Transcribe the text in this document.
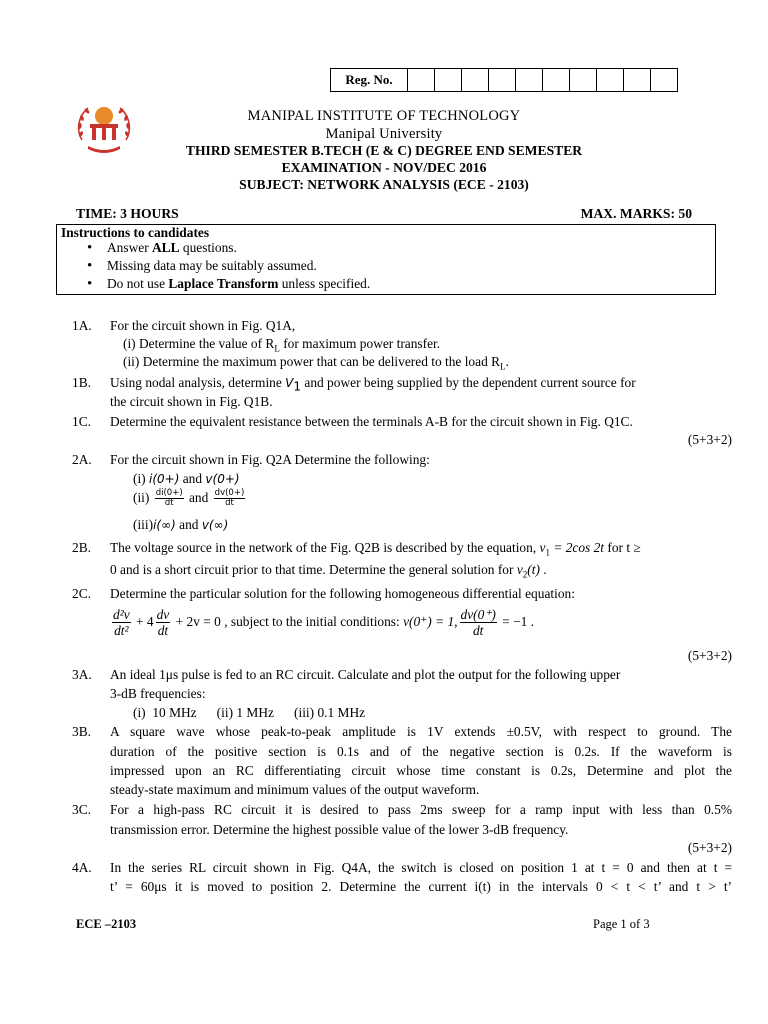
Reg. No.
MANIPAL INSTITUTE OF TECHNOLOGY
Manipal University
THIRD SEMESTER B.TECH (E & C) DEGREE END SEMESTER
EXAMINATION - NOV/DEC 2016
SUBJECT: NETWORK ANALYSIS (ECE - 2103)
TIME: 3 HOURS	MAX. MARKS: 50
Instructions to candidates
• Answer ALL questions.
• Missing data may be suitably assumed.
• Do not use Laplace Transform unless specified.
1A. For the circuit shown in Fig. Q1A,
(i) Determine the value of $R_L$ for maximum power transfer.
(ii) Determine the maximum power that can be delivered to the load $R_L$.
1B. Using nodal analysis, determine $V_1$ and power being supplied by the dependent current source for
the circuit shown in Fig. Q1B.
1C. Determine the equivalent resistance between the terminals A-B for the circuit shown in Fig. Q1C.
(5+3+2)
2A. For the circuit shown in Fig. Q2A Determine the following:
(i) i(0+) and v(0+)
$(ii) \frac{di(0+)}{dt}$ and $\frac{dv(0+)}{dt}$
(iii)i(∞) and v(∞)
2B. The voltage source in the network of the Fig. Q2B is described by the equation, $v_1 = 2\cos$ 2t for t ≥
0 and is a short circuit prior to that time. Determine the general solution for $v_2(t)$ .
2C. Determine the particular solution for the following homogeneous differential equation:
$\frac{\text{d²v}}{\text{dt²}} + 4 \frac{dv}{dt} + 2v = 0$ , subject to the initial conditions: v(0⁺) = 1, $\frac{dv(0^+)}{dt} = -1$ .
(5+3+2)
3A. An ideal 1μs pulse is fed to an RC circuit. Calculate and plot the output for the following upper
3-dB frequencies:
(i)  10 MHz      (ii) 1 MHz      (iii) 0.1 MHz
3B. A square wave whose peak-to-peak amplitude is 1V extends ±0.5V, with respect to ground. The
duration of the positive section is 0.1s and of the negative section is 0.2s. If the waveform is
impressed upon an RC differentiating circuit whose time constant is 0.2s, Determine and plot the
steady-state maximum and minimum values of the output waveform.
3C. For a high-pass RC circuit it is desired to pass 2ms sweep for a ramp input with less than 0.5%
transmission error. Determine the highest possible value of the lower 3-dB frequency.
(5+3+2)
4A. In the series RL circuit shown in Fig. Q4A, the switch is closed on position 1 at t = 0 and then at t =
t’ = 60μs it is moved to position 2. Determine the current i(t) in the intervals 0 < t < t’ and t > t’
ECE –2103	Page 1 of 3
